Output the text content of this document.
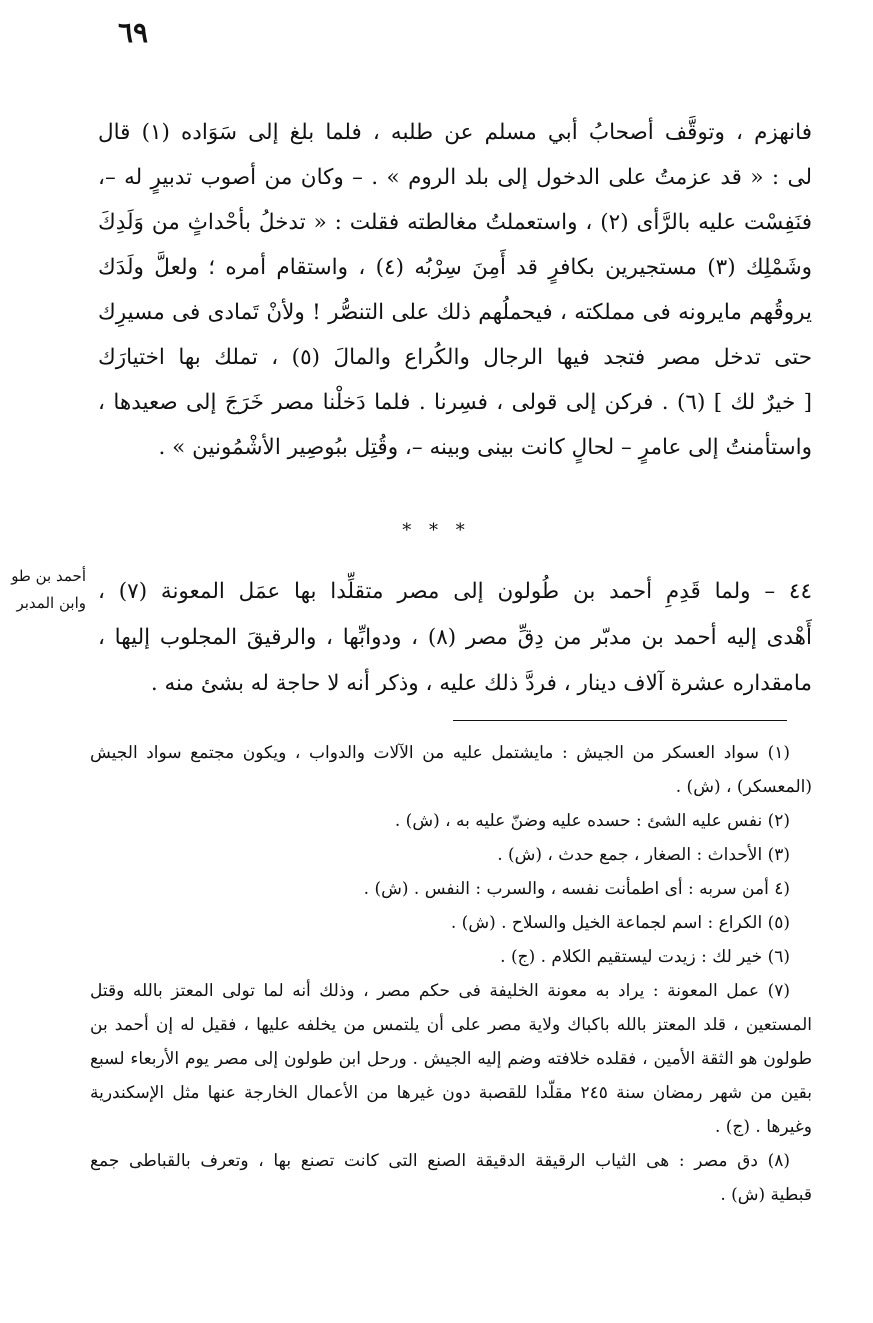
٦٩
فانهزم ، وتوقَّف أصحابُ أبي مسلم عن طلبه ، فلما بلغ إلى سَوَاده (١) قال
لى : « قد عزمتُ على الدخول إلى بلد الروم » . – وكان من أصوب تدبيرٍ له –،
فنَفِسْت عليه بالرَّأى (٢) ، واستعملتُ مغالطته فقلت : « تدخلُ بأحْداثٍ من وَلَدِكَ
وشَمْلِك (٣) مستجيرين بكافرٍ قد أَمِنَ سِرْبُه (٤) ، واستقام أمره ؛ ولعلَّ ولَدَك
يروقُهم مايرونه فى مملكته ، فيحملُهم ذلك على التنصُّر ! ولأنْ تَمادى فى مسيرِك
حتى تدخل مصر فتجد فيها الرجال والكُراع والمالَ (٥) ، تملك بها اختيارَك
[ خيرٌ لك ] (٦) . فركن إلى قولى ، فسِرنا . فلما دَخلْنا مصر خَرَجَ إلى صعيدها ،
واستأمنتُ إلى عامرٍ – لحالٍ كانت بينى وبينه –، وقُتِل ببُوصِير الأشْمُونين » .
* * *
أحمد بن طو
وابن المدبر ٤٤ – ولما قَدِمِ أحمد بن طُولون إلى مصر متقلِّدا بها عمَل المعونة (٧) ،
أَهْدى إليه أحمد بن مدبّر من دِقِّ مصر (٨) ، ودوابِّها ، والرقيقَ المجلوب إليها ،
مامقداره عشرة آلاف دينار ، فردَّ ذلك عليه ، وذكر أنه لا حاجة له بشئ منه .
(١) سواد العسكر من الجيش : مايشتمل عليه من الآلات والدواب ، ويكون مجتمع سواد الجيش
(المعسكر) ، (ش) .
(٢) نفس عليه الشئ : حسده عليه وضنّ عليه به ، (ش) .
(٣) الأحداث : الصغار ، جمع حدث ، (ش) .
(٤ أمن سربه : أى اطمأنت نفسه ، والسرب : النفس . (ش) .
(٥) الكراع : اسم لجماعة الخيل والسلاح . (ش) .
(٦) خير لك : زيدت ليستقيم الكلام . (ج) .
(٧) عمل المعونة : يراد به معونة الخليفة فى حكم مصر ، وذلك أنه لما تولى المعتز بالله وقتل
المستعين ، قلد المعتز بالله باكباك ولاية مصر على أن يلتمس من يخلفه عليها ، فقيل له إن أحمد بن
طولون هو الثقة الأمين ، فقلده خلافته وضم إليه الجيش . ورحل ابن طولون إلى مصر يوم الأربعاء لسبع
بقين من شهر رمضان سنة ٢٤٥ مقلّدا للقصبة دون غيرها من الأعمال الخارجة عنها مثل الإسكندرية
وغيرها . (ج) .
(٨) دق مصر : هى الثياب الرقيقة الدقيقة الصنع التى كانت تصنع بها ، وتعرف بالقباطى جمع
قبطية (ش) .
